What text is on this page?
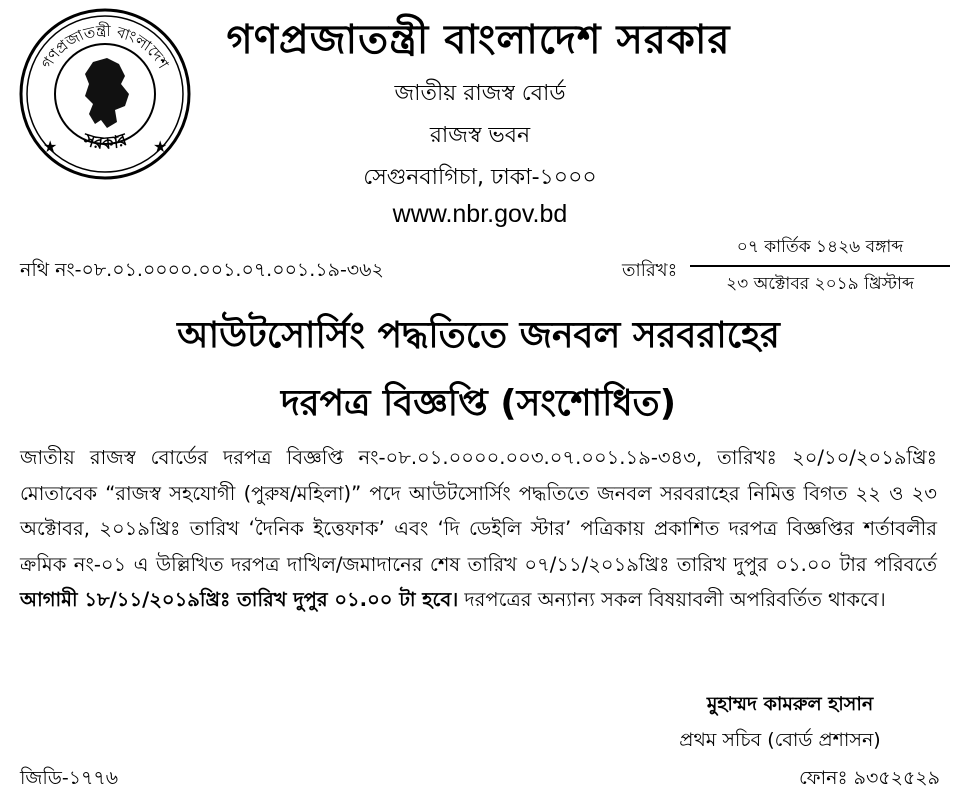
গণপ্রজাতন্ত্রী বাংলাদেশ
সরকার
★	★
গণপ্রজাতন্ত্রী বাংলাদেশ সরকার
জাতীয় রাজস্ব বোর্ড
রাজস্ব ভবন
সেগুনবাগিচা, ঢাকা-১০০০
www.nbr.gov.bd
নথি নং-০৮.০১.০০০০.০০১.০৭.০০১.১৯-৩৬২	তারিখঃ
০৭ কার্তিক ১৪২৬ বঙ্গাব্দ
২৩ অক্টোবর ২০১৯ খ্রিস্টাব্দ
আউটসোর্সিং পদ্ধতিতে জনবল সরবরাহের
দরপত্র বিজ্ঞপ্তি (সংশোধিত)
জাতীয় রাজস্ব বোর্ডের দরপত্র বিজ্ঞপ্তি নং-০৮.০১.০০০০.০০৩.০৭.০০১.১৯-৩৪৩, তারিখঃ ২০/১০/২০১৯খ্রিঃ মোতাবেক “রাজস্ব সহযোগী (পুরুষ/মহিলা)” পদে আউটসোর্সিং পদ্ধতিতে জনবল সরবরাহের নিমিত্ত বিগত ২২ ও ২৩ অক্টোবর, ২০১৯খ্রিঃ তারিখ ‘দৈনিক ইত্তেফাক’ এবং ‘দি ডেইলি স্টার’ পত্রিকায় প্রকাশিত দরপত্র বিজ্ঞপ্তির শর্তাবলীর ক্রমিক নং-০১ এ উল্লিখিত দরপত্র দাখিল/জমাদানের শেষ তারিখ ০৭/১১/২০১৯খ্রিঃ তারিখ দুপুর ০১.০০ টার পরিবর্তে আগামী ১৮/১১/২০১৯খ্রিঃ তারিখ দুপুর ০১.০০ টা হবে। দরপত্রের অন্যান্য সকল বিষয়াবলী অপরিবর্তিত থাকবে।
মুহাম্মদ কামরুল হাসান
প্রথম সচিব (বোর্ড প্রশাসন)
ফোনঃ ৯৩৫২৫২৯
জিডি-১৭৭৬
